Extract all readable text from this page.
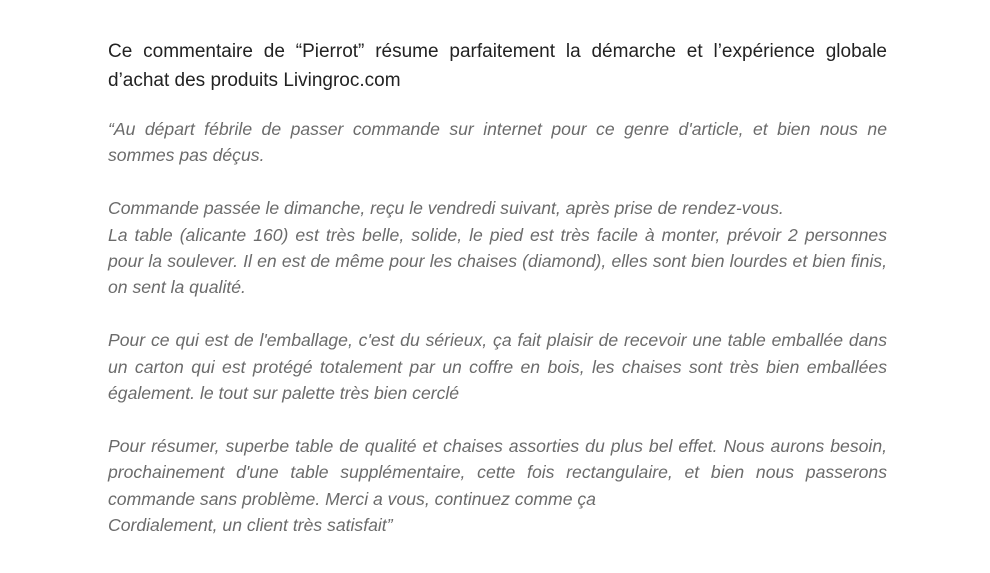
Ce commentaire de “Pierrot” résume parfaitement la démarche et l’expérience globale d’achat des produits Livingroc.com

“Au départ fébrile de passer commande sur internet pour ce genre d'article, et bien nous ne sommes pas déçus.

Commande passée le dimanche, reçu le vendredi suivant, après prise de rendez-vous.

La table (alicante 160) est très belle, solide, le pied est très facile à monter, prévoir 2 personnes pour la soulever. Il en est de même pour les chaises (diamond), elles sont bien lourdes et bien finis, on sent la qualité.

Pour ce qui est de l'emballage, c'est du sérieux, ça fait plaisir de recevoir une table emballée dans un carton qui est protégé totalement par un coffre en bois, les chaises sont très bien emballées également. le tout sur palette très bien cerclé

Pour résumer, superbe table de qualité et chaises assorties du plus bel effet. Nous aurons besoin, prochainement d'une table supplémentaire, cette fois rectangulaire, et bien nous passerons commande sans problème. Merci a vous, continuez comme ça

Cordialement, un client très satisfait”
